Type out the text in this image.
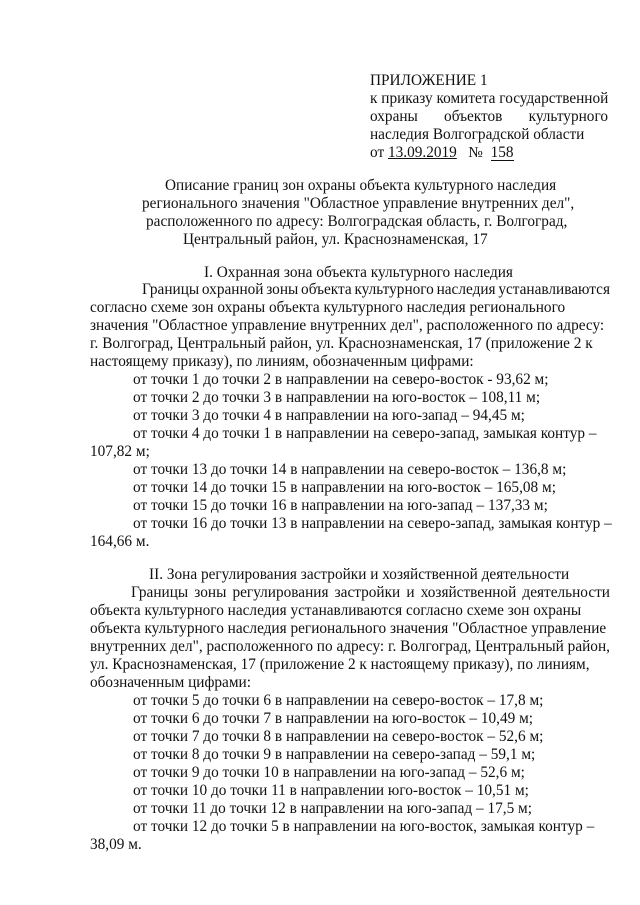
ПРИЛОЖЕНИЕ 1
к приказу комитета государственной
охраны объектов культурного
наследия Волгоградской области
от 13.09.2019 № 158
Описание границ зон охраны объекта культурного наследия
регионального значения "Областное управление внутренних дел",
расположенного по адресу: Волгоградская область, г. Волгоград,
Центральный район, ул. Краснознаменская, 17
I. Охранная зона объекта культурного наследия
Границы охранной зоны объекта культурного наследия устанавливаются
согласно схеме зон охраны объекта культурного наследия регионального
значения "Областное управление внутренних дел", расположенного по адресу:
г. Волгоград, Центральный район, ул. Краснознаменская, 17 (приложение 2 к
настоящему приказу), по линиям, обозначенным цифрами:
от точки 1 до точки 2 в направлении на северо-восток - 93,62 м;
от точки 2 до точки 3 в направлении на юго-восток – 108,11 м;
от точки 3 до точки 4 в направлении на юго-запад – 94,45 м;
от точки 4 до точки 1 в направлении на северо-запад, замыкая контур –
107,82 м;
от точки 13 до точки 14 в направлении на северо-восток – 136,8 м;
от точки 14 до точки 15 в направлении на юго-восток – 165,08 м;
от точки 15 до точки 16 в направлении на юго-запад – 137,33 м;
от точки 16 до точки 13 в направлении на северо-запад, замыкая контур –
164,66 м.
II. Зона регулирования застройки и хозяйственной деятельности
Границы зоны регулирования застройки и хозяйственной деятельности
объекта культурного наследия устанавливаются согласно схеме зон охраны
объекта культурного наследия регионального значения "Областное управление
внутренних дел", расположенного по адресу: г. Волгоград, Центральный район,
ул. Краснознаменская, 17 (приложение 2 к настоящему приказу), по линиям,
обозначенным цифрами:
от точки 5 до точки 6 в направлении на северо-восток – 17,8 м;
от точки 6 до точки 7 в направлении на юго-восток – 10,49 м;
от точки 7 до точки 8 в направлении на северо-восток – 52,6 м;
от точки 8 до точки 9 в направлении на северо-запад – 59,1 м;
от точки 9 до точки 10 в направлении на юго-запад – 52,6 м;
от точки 10 до точки 11 в направлении юго-восток – 10,51 м;
от точки 11 до точки 12 в направлении на юго-запад – 17,5 м;
от точки 12 до точки 5 в направлении на юго-восток, замыкая контур –
38,09 м.
